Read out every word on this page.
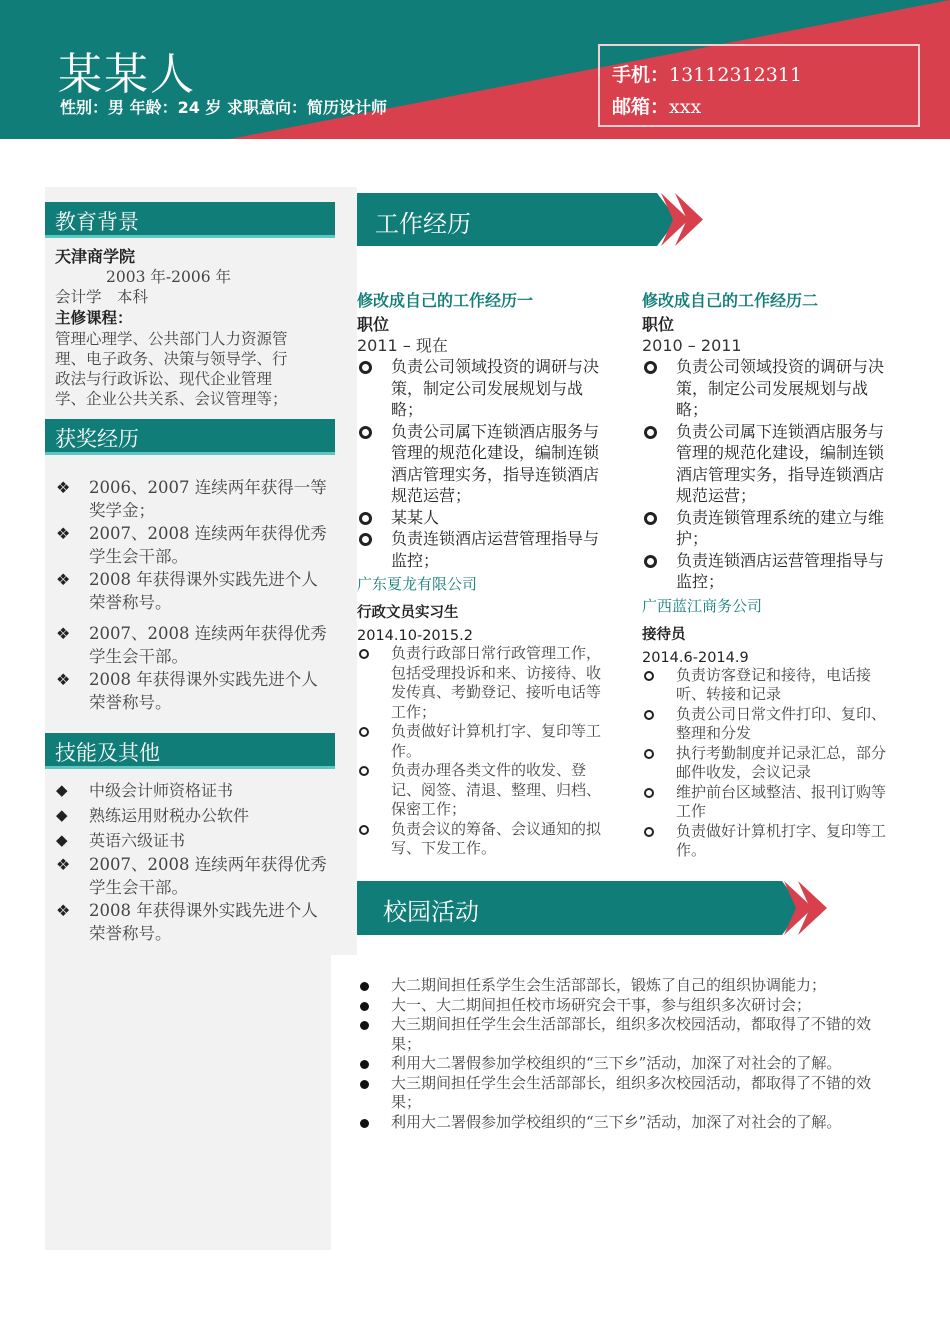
某某人
性别：男 年龄：24 岁 求职意向：简历设计师
手机：13112312311
邮箱：xxx
教育背景
天津商学院
2003 年-2006 年
会计学　本科
主修课程：
管理心理学、公共部门人力资源管
理、电子政务、决策与领导学、行
政法与行政诉讼、现代企业管理
学、企业公共关系、会议管理等；
获奖经历
❖ 2006、2007 连续两年获得一等奖学金；
❖ 2007、2008 连续两年获得优秀学生会干部。
❖ 2008 年获得课外实践先进个人荣誉称号。
❖ 2007、2008 连续两年获得优秀学生会干部。
❖ 2008 年获得课外实践先进个人荣誉称号。
技能及其他
◆ 中级会计师资格证书
◆ 熟练运用财税办公软件
◆ 英语六级证书
❖ 2007、2008 连续两年获得优秀学生会干部。
❖ 2008 年获得课外实践先进个人荣誉称号。
工作经历
修改成自己的工作经历一
职位
2011 – 现在
负责公司领域投资的调研与决策，制定公司发展规划与战略；
负责公司属下连锁酒店服务与管理的规范化建设，编制连锁酒店管理实务，指导连锁酒店规范运营；
某某人
负责连锁酒店运营管理指导与监控；
广东夏龙有限公司
行政文员实习生
2014.10-2015.2
负责行政部日常行政管理工作，包括受理投诉和来、访接待、收发传真、考勤登记、接听电话等工作；
负责做好计算机打字、复印等工作。
负责办理各类文件的收发、登记、阅签、清退、整理、归档、保密工作；
负责会议的筹备、会议通知的拟写、下发工作。
修改成自己的工作经历二
职位
2010 – 2011
负责公司领域投资的调研与决策，制定公司发展规划与战略；
负责公司属下连锁酒店服务与管理的规范化建设，编制连锁酒店管理实务，指导连锁酒店规范运营；
负责连锁管理系统的建立与维护；
负责连锁酒店运营管理指导与监控；
广西蓝江商务公司
接待员
2014.6-2014.9
负责访客登记和接待，电话接听、转接和记录
负责公司日常文件打印、复印、整理和分发
执行考勤制度并记录汇总，部分邮件收发，会议记录
维护前台区域整洁、报刊订购等工作
负责做好计算机打字、复印等工作。
校园活动
大二期间担任系学生会生活部部长，锻炼了自己的组织协调能力；
大一、大二期间担任校市场研究会干事，参与组织多次研讨会；
大三期间担任学生会生活部部长，组织多次校园活动，都取得了不错的效果；
利用大二署假参加学校组织的“三下乡”活动，加深了对社会的了解。
大三期间担任学生会生活部部长，组织多次校园活动，都取得了不错的效果；
利用大二署假参加学校组织的“三下乡”活动，加深了对社会的了解。
